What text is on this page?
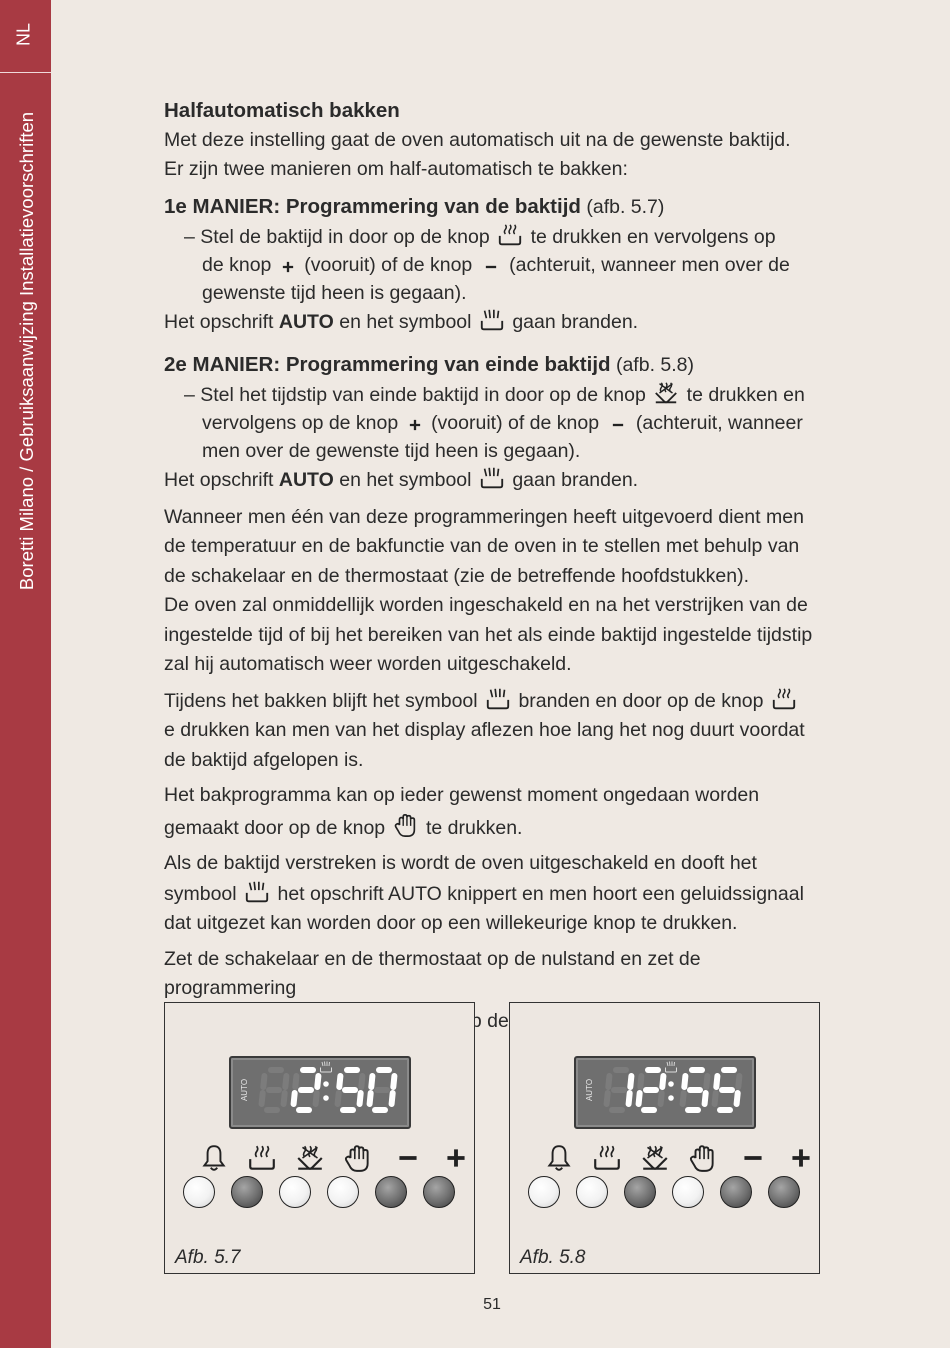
NL
Boretti Milano / Gebruiksaanwijzing Installatievoorschriften

Halfautomatisch bakken

Met deze instelling gaat de oven automatisch uit na de gewenste baktijd.

Er zijn twee manieren om half-automatisch te bakken:

1e MANIER: Programmering van de baktijd (afb. 5.7)

– Stel de baktijd in door op de knop te drukken en vervolgens op

de knop (vooruit) of de knop (achteruit, wanneer men over de

gewenste tijd heen is gegaan).

Het opschrift AUTO en het symbool gaan branden.

2e MANIER: Programmering van einde baktijd (afb. 5.8)

– Stel het tijdstip van einde baktijd in door op de knop te drukken en

vervolgens op de knop (vooruit) of de knop (achteruit, wanneer

men over de gewenste tijd heen is gegaan).

Het opschrift AUTO en het symbool gaan branden.

Wanneer men één van deze programmeringen heeft uitgevoerd dient men

de temperatuur en de bakfunctie van de oven in te stellen met behulp van

de schakelaar en de thermostaat (zie de betreffende hoofdstukken).

De oven zal onmiddellijk worden ingeschakeld en na het verstrijken van de

ingestelde tijd of bij het bereiken van het als einde baktijd ingestelde tijdstip

zal hij automatisch weer worden uitgeschakeld.

Tijdens het bakken blijft het symbool branden en door op de knop

e drukken kan men van het display aflezen hoe lang het nog duurt voordat

de baktijd afgelopen is.

Het bakprogramma kan op ieder gewenst moment ongedaan worden

gemaakt door op de knop te drukken.

Als de baktijd verstreken is wordt de oven uitgeschakeld en dooft het

symbool het opschrift AUTO knippert en men hoort een geluidssignaal

dat uitgezet kan worden door op een willekeurige knop te drukken.

Zet de schakelaar en de thermostaat op de nulstand en zet de programmering

de

AUTO
Afb. 5.7
AUTO
Afb. 5.8
51
